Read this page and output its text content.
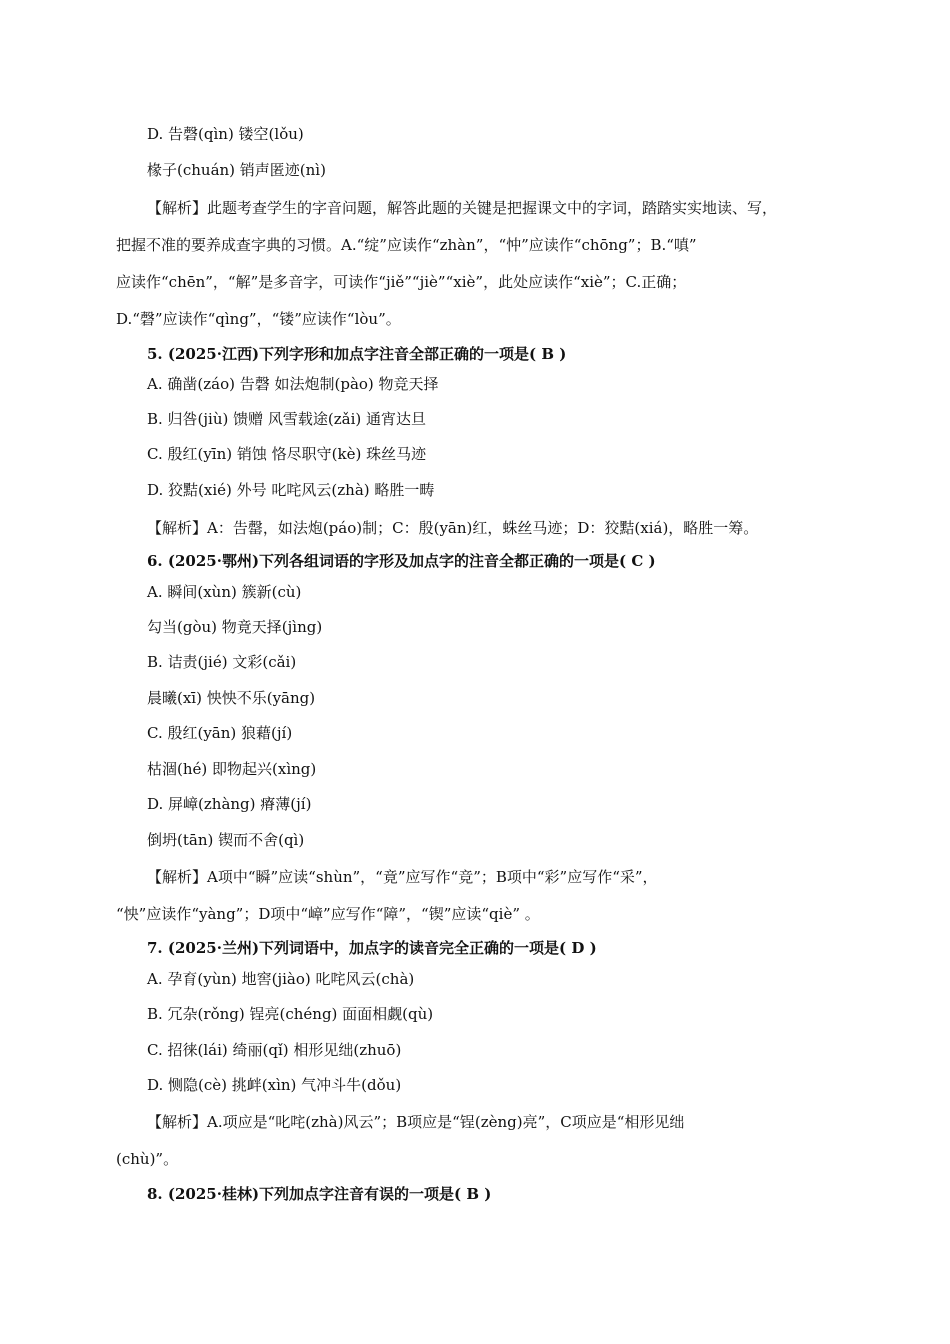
D. 告磬(qìn) 镂空(lǒu)
椽子(chuán) 销声匿迹(nì)
【解析】此题考查学生的字音问题，解答此题的关键是把握课文中的字词，踏踏实实地读、写，
把握不准的要养成查字典的习惯。A.“绽”应读作“zhàn”，“忡”应读作“chōng”；B.“嗔”
应读作“chēn”，“解”是多音字，可读作“jiě”“jiè”“xiè”，此处应读作“xiè”；C.正确；
D.“磬”应读作“qìng”，“镂”应读作“lòu”。
5. (2025·江西)下列字形和加点字注音全部正确的一项是( B )
A. 确凿(záo) 告磬 如法炮制(pào) 物竞天择
B. 归咎(jiù) 馈赠 风雪载途(zǎi) 通宵达旦
C. 殷红(yīn) 销蚀 恪尽职守(kè) 珠丝马迹
D. 狡黠(xié) 外号 叱咤风云(zhà) 略胜一畴
【解析】A：告罄，如法炮(páo)制；C：殷(yān)红，蛛丝马迹；D：狡黠(xiá)，略胜一筹。
6. (2025·鄂州)下列各组词语的字形及加点字的注音全都正确的一项是( C )
A. 瞬间(xùn) 簇新(cù)
勾当(gòu) 物竟天择(jìng)
B. 诘责(jié) 文彩(cǎi)
晨曦(xī) 怏怏不乐(yāng)
C. 殷红(yān) 狼藉(jí)
枯涸(hé) 即物起兴(xìng)
D. 屏嶂(zhàng) 瘠薄(jí)
倒坍(tān) 锲而不舍(qì)
【解析】A项中“瞬”应读“shùn”，“竟”应写作“竞”；B项中“彩”应写作“采”，
“怏”应读作“yàng”；D项中“嶂”应写作“障”，“锲”应读“qiè” 。
7. (2025·兰州)下列词语中，加点字的读音完全正确的一项是( D )
A. 孕育(yùn) 地窖(jiào) 叱咤风云(chà)
B. 冗杂(rǒng) 锃亮(chéng) 面面相觑(qù)
C. 招徕(lái) 绮丽(qǐ) 相形见绌(zhuō)
D. 恻隐(cè) 挑衅(xìn) 气冲斗牛(dǒu)
【解析】A.项应是“叱咤(zhà)风云”；B项应是“锃(zèng)亮”，C项应是“相形见绌
(chù)”。
8. (2025·桂林)下列加点字注音有误的一项是( B )
